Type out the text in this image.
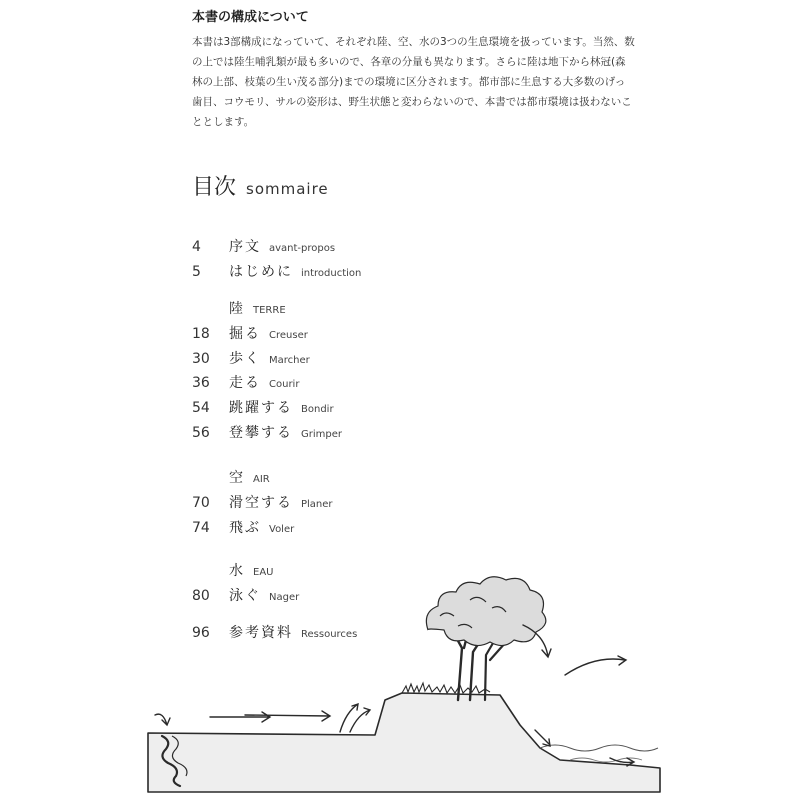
本書の構成について

本書は3部構成になっていて、それぞれ陸、空、水の3つの生息環境を扱っています。当然、数

の上では陸生哺乳類が最も多いので、各章の分量も異なります。さらに陸は地下から林冠(森

林の上部、枝葉の生い茂る部分)までの環境に区分されます。都市部に生息する大多数のげっ

歯目、コウモリ、サルの姿形は、野生状態と変わらないので、本書では都市環境は扱わないこ

ととします。

目次 sommaire
4	序文 avant-propos
5	はじめに introduction
陸 TERRE
18	掘る Creuser
30	歩く Marcher
36	走る Courir
54	跳躍する Bondir
56	登攀する Grimper
空 AIR
70	滑空する Planer
74	飛ぶ Voler
水 EAU
80	泳ぐ Nager
96	参考資料 Ressources
